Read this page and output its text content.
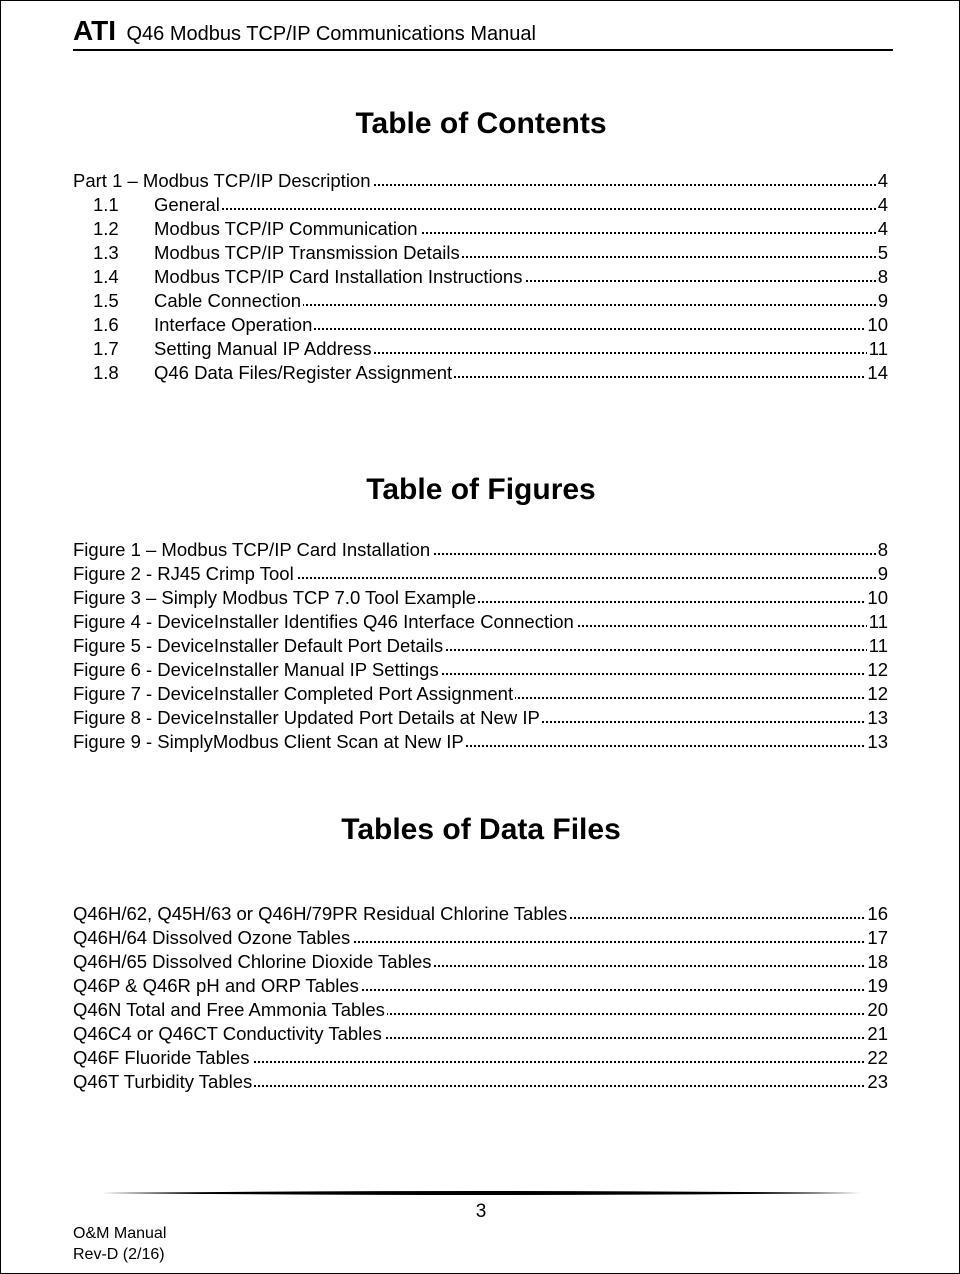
ATI Q46 Modbus TCP/IP Communications Manual
Table of Contents
Part 1 – Modbus TCP/IP Description	4
1.1 General	4
1.2 Modbus TCP/IP Communication	4
1.3 Modbus TCP/IP Transmission Details	5
1.4 Modbus TCP/IP Card Installation Instructions	8
1.5 Cable Connection	9
1.6 Interface Operation	10
1.7 Setting Manual IP Address	11
1.8 Q46 Data Files/Register Assignment	14
Table of Figures
Figure 1 – Modbus TCP/IP Card Installation	8
Figure 2 - RJ45 Crimp Tool	9
Figure 3 – Simply Modbus TCP 7.0 Tool Example	10
Figure 4 - DeviceInstaller Identifies Q46 Interface Connection	11
Figure 5 - DeviceInstaller Default Port Details	11
Figure 6 - DeviceInstaller Manual IP Settings	12
Figure 7 - DeviceInstaller Completed Port Assignment	12
Figure 8 - DeviceInstaller Updated Port Details at New IP	13
Figure 9 - SimplyModbus Client Scan at New IP	13
Tables of Data Files
Q46H/62, Q45H/63 or Q46H/79PR Residual Chlorine Tables	16
Q46H/64 Dissolved Ozone Tables	17
Q46H/65 Dissolved Chlorine Dioxide Tables	18
Q46P & Q46R pH and ORP Tables	19
Q46N Total and Free Ammonia Tables	20
Q46C4 or Q46CT Conductivity Tables	21
Q46F Fluoride Tables	22
Q46T Turbidity Tables	23
3
O&M Manual
Rev-D (2/16)
